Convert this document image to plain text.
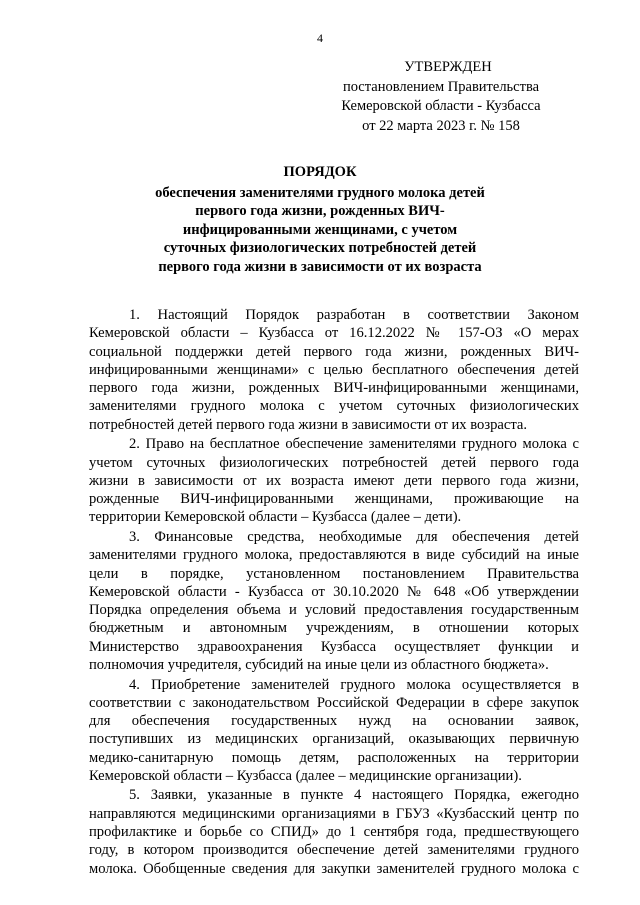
4
УТВЕРЖДЕН
постановлением Правительства
Кемеровской области - Кузбасса
от 22 марта 2023 г. № 158
ПОРЯДОК
обеспечения заменителями грудного молока детей
первого года жизни, рожденных ВИЧ-
инфицированными женщинами, с учетом
суточных физиологических потребностей детей
первого года жизни в зависимости от их возраста
1. Настоящий Порядок разработан в соответствии Законом
Кемеровской области – Кузбасса от 16.12.2022 № 157-ОЗ «О мерах
социальной поддержки детей первого года жизни, рожденных ВИЧ-
инфицированными женщинами» с целью бесплатного обеспечения детей
первого года жизни, рожденных ВИЧ-инфицированными женщинами,
заменителями грудного молока с учетом суточных физиологических
потребностей детей первого года жизни в зависимости от их возраста.
2. Право на бесплатное обеспечение заменителями грудного молока с
учетом суточных физиологических потребностей детей первого года
жизни в зависимости от их возраста имеют дети первого года жизни,
рожденные ВИЧ-инфицированными женщинами, проживающие на
территории Кемеровской области – Кузбасса (далее – дети).
3. Финансовые средства, необходимые для обеспечения детей
заменителями грудного молока, предоставляются в виде субсидий на иные
цели в порядке, установленном постановлением Правительства
Кемеровской области - Кузбасса от 30.10.2020 № 648 «Об утверждении
Порядка определения объема и условий предоставления государственным
бюджетным и автономным учреждениям, в отношении которых
Министерство здравоохранения Кузбасса осуществляет функции и
полномочия учредителя, субсидий на иные цели из областного бюджета».
4. Приобретение заменителей грудного молока осуществляется в
соответствии с законодательством Российской Федерации в сфере закупок
для обеспечения государственных нужд на основании заявок,
поступивших из медицинских организаций, оказывающих первичную
медико-санитарную помощь детям, расположенных на территории
Кемеровской области – Кузбасса (далее – медицинские организации).
5. Заявки, указанные в пункте 4 настоящего Порядка, ежегодно
направляются медицинскими организациями в ГБУЗ «Кузбасский центр по
профилактике и борьбе со СПИД» до 1 сентября года, предшествующего
году, в котором производится обеспечение детей заменителями грудного
молока. Обобщенные сведения для закупки заменителей грудного молока с
